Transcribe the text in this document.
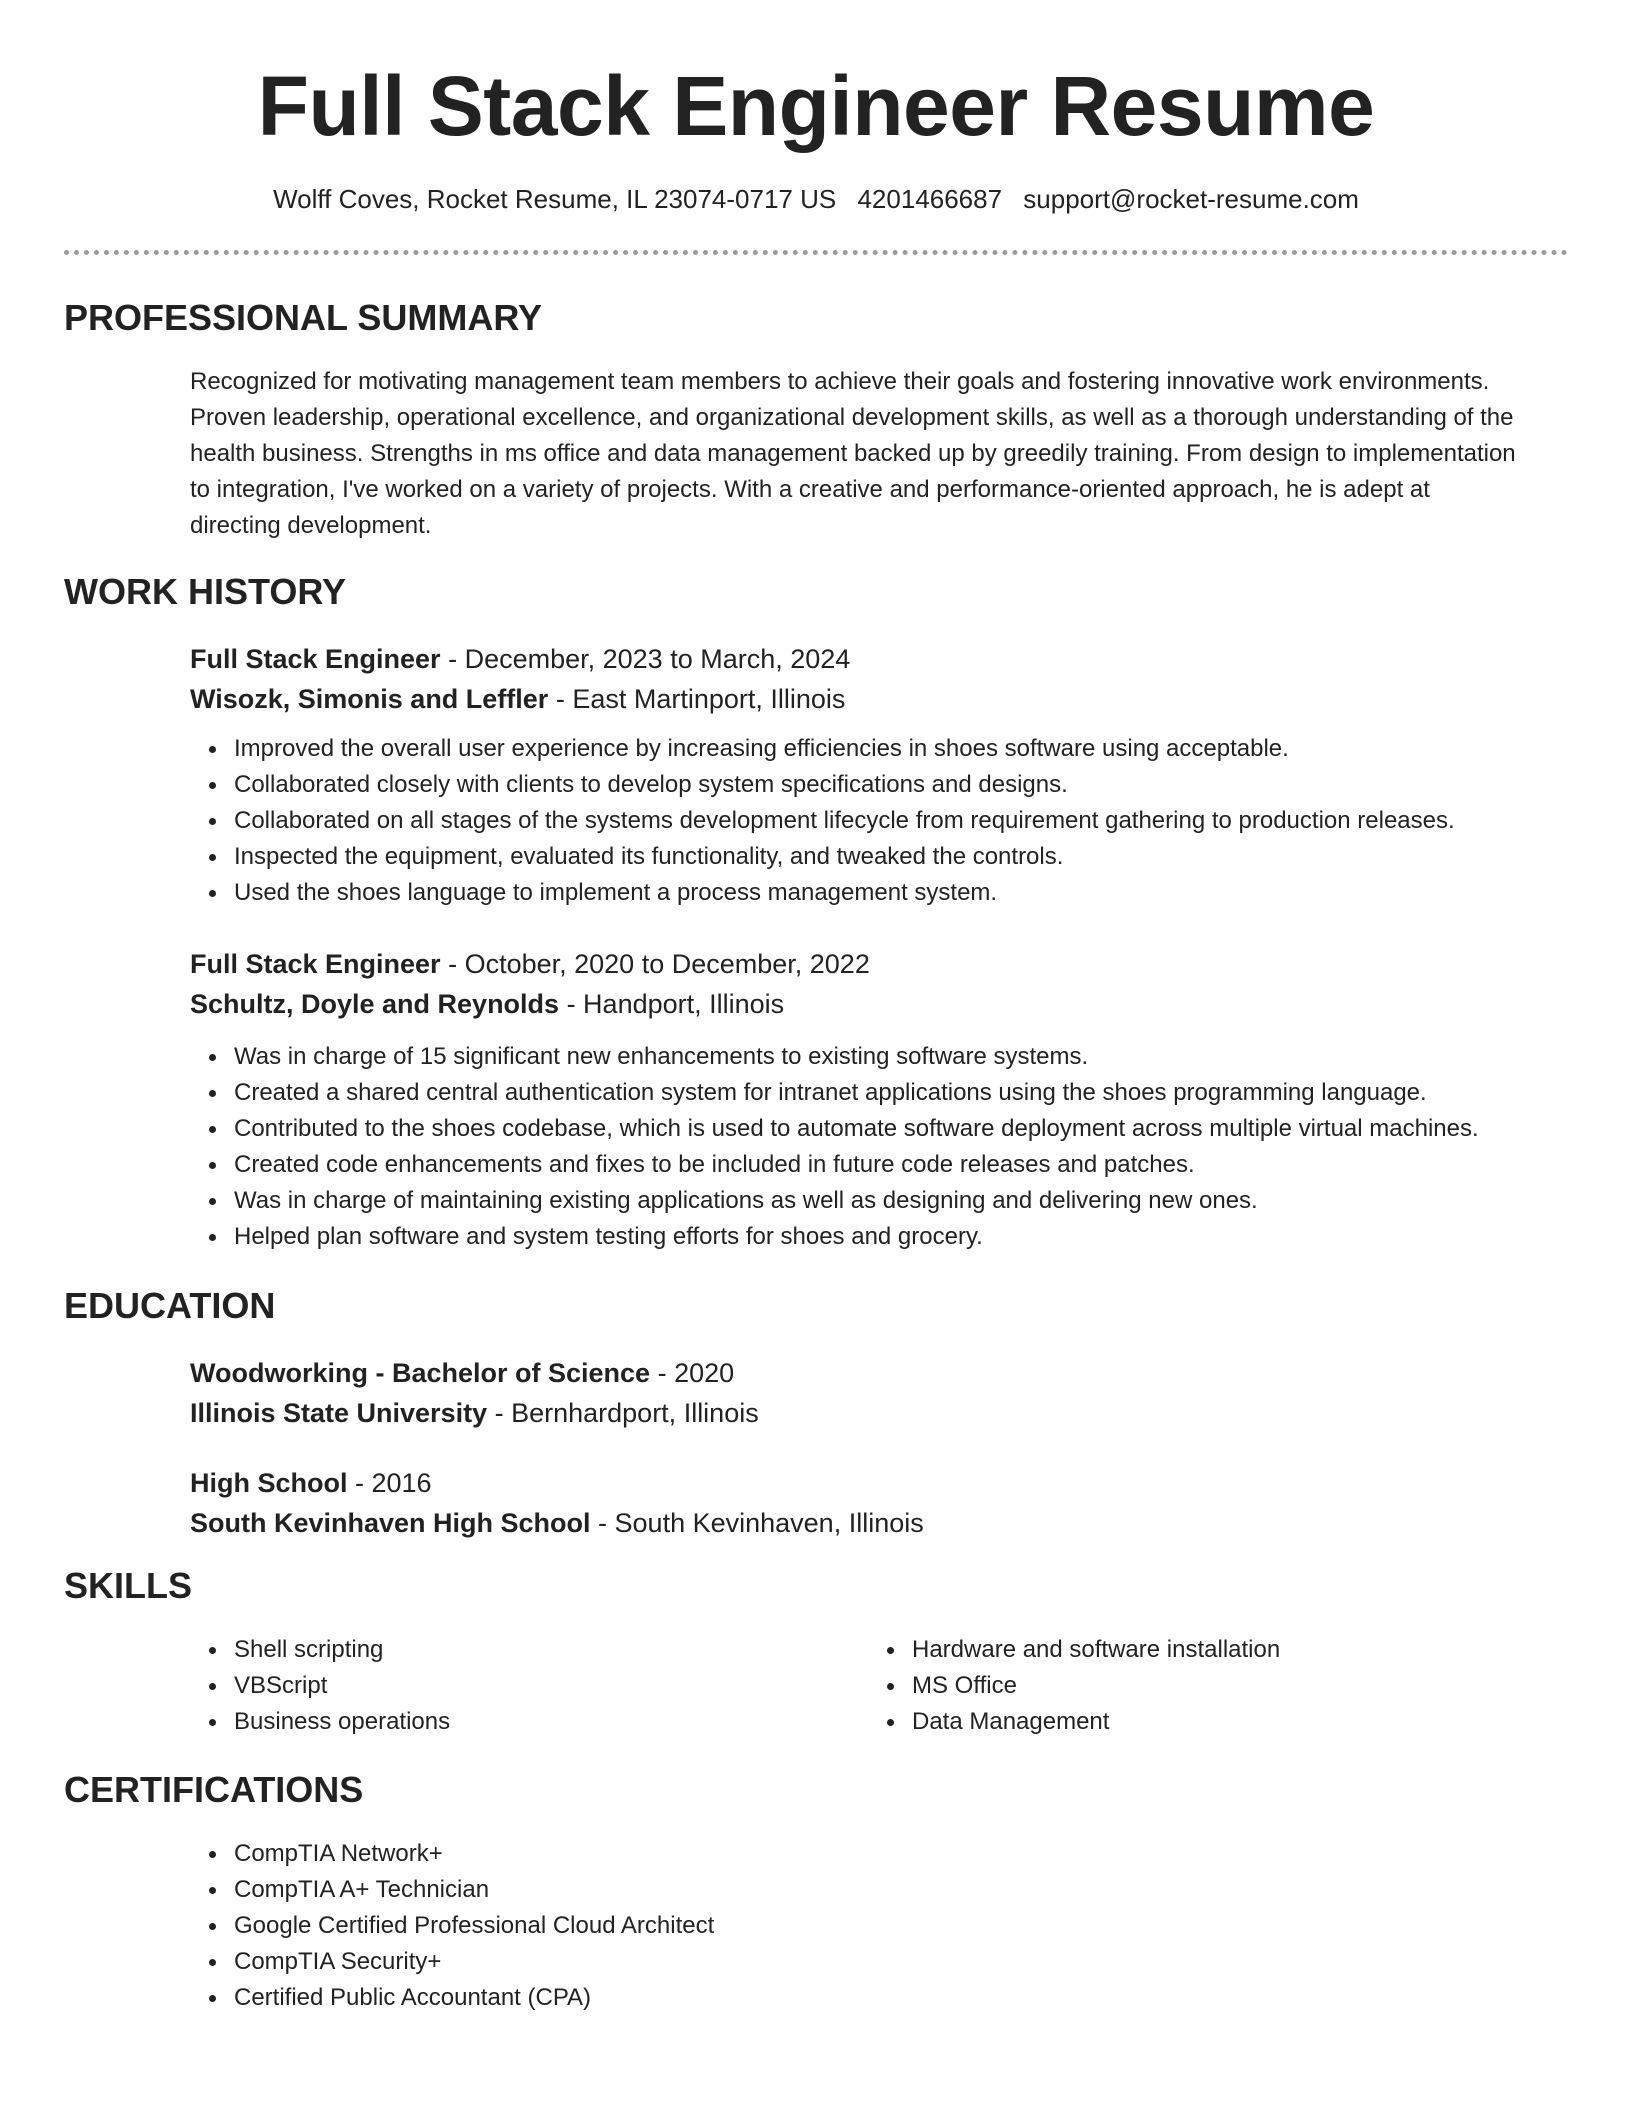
Full Stack Engineer Resume
Wolff Coves, Rocket Resume, IL 23074-0717 US 4201466687 support@rocket-resume.com
PROFESSIONAL SUMMARY
Recognized for motivating management team members to achieve their goals and fostering innovative work environments.
Proven leadership, operational excellence, and organizational development skills, as well as a thorough understanding of the
health business. Strengths in ms office and data management backed up by greedily training. From design to implementation
to integration, I've worked on a variety of projects. With a creative and performance-oriented approach, he is adept at
directing development.
WORK HISTORY
Full Stack Engineer - December, 2023 to March, 2024
Wisozk, Simonis and Leffler - East Martinport, Illinois
Improved the overall user experience by increasing efficiencies in shoes software using acceptable.
Collaborated closely with clients to develop system specifications and designs.
Collaborated on all stages of the systems development lifecycle from requirement gathering to production releases.
Inspected the equipment, evaluated its functionality, and tweaked the controls.
Used the shoes language to implement a process management system.
Full Stack Engineer - October, 2020 to December, 2022
Schultz, Doyle and Reynolds - Handport, Illinois
Was in charge of 15 significant new enhancements to existing software systems.
Created a shared central authentication system for intranet applications using the shoes programming language.
Contributed to the shoes codebase, which is used to automate software deployment across multiple virtual machines.
Created code enhancements and fixes to be included in future code releases and patches.
Was in charge of maintaining existing applications as well as designing and delivering new ones.
Helped plan software and system testing efforts for shoes and grocery.
EDUCATION
Woodworking - Bachelor of Science - 2020
Illinois State University - Bernhardport, Illinois
High School - 2016
South Kevinhaven High School - South Kevinhaven, Illinois
SKILLS
Shell scripting
VBScript
Business operations
Hardware and software installation
MS Office
Data Management
CERTIFICATIONS
CompTIA Network+
CompTIA A+ Technician
Google Certified Professional Cloud Architect
CompTIA Security+
Certified Public Accountant (CPA)
